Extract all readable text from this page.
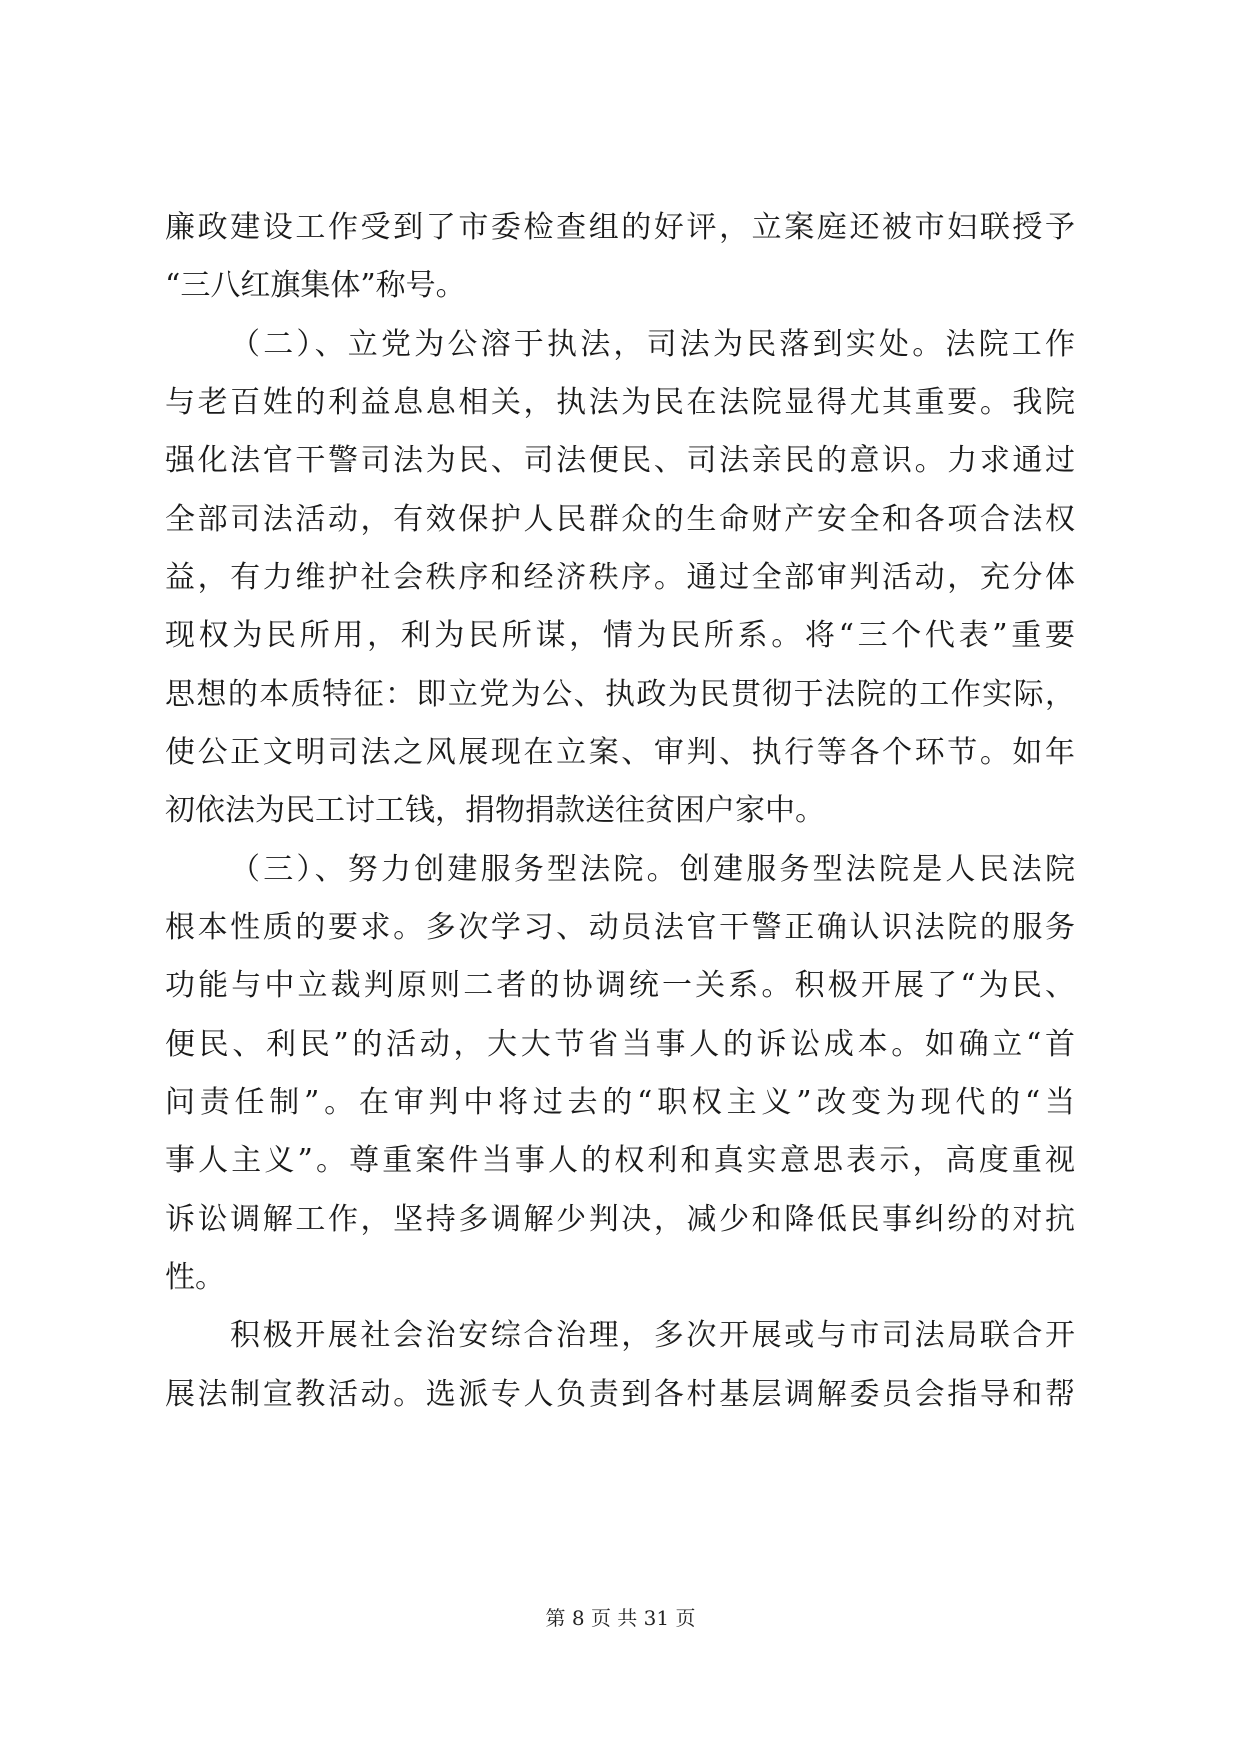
廉政建设工作受到了市委检查组的好评，立案庭还被市妇联授予
“三八红旗集体”称号。
（二）、立党为公溶于执法，司法为民落到实处。法院工作
与老百姓的利益息息相关，执法为民在法院显得尤其重要。我院
强化法官干警司法为民、司法便民、司法亲民的意识。力求通过
全部司法活动，有效保护人民群众的生命财产安全和各项合法权
益，有力维护社会秩序和经济秩序。通过全部审判活动，充分体
现权为民所用，利为民所谋，情为民所系。将“三个代表”重要
思想的本质特征：即立党为公、执政为民贯彻于法院的工作实际，
使公正文明司法之风展现在立案、审判、执行等各个环节。如年
初依法为民工讨工钱，捐物捐款送往贫困户家中。
（三）、努力创建服务型法院。创建服务型法院是人民法院
根本性质的要求。多次学习、动员法官干警正确认识法院的服务
功能与中立裁判原则二者的协调统一关系。积极开展了“为民、
便民、利民”的活动，大大节省当事人的诉讼成本。如确立“首
问责任制”。在审判中将过去的“职权主义”改变为现代的“当
事人主义”。尊重案件当事人的权利和真实意思表示，高度重视
诉讼调解工作，坚持多调解少判决，减少和降低民事纠纷的对抗
性。
积极开展社会治安综合治理，多次开展或与市司法局联合开
展法制宣教活动。选派专人负责到各村基层调解委员会指导和帮
第 8 页 共 31 页
